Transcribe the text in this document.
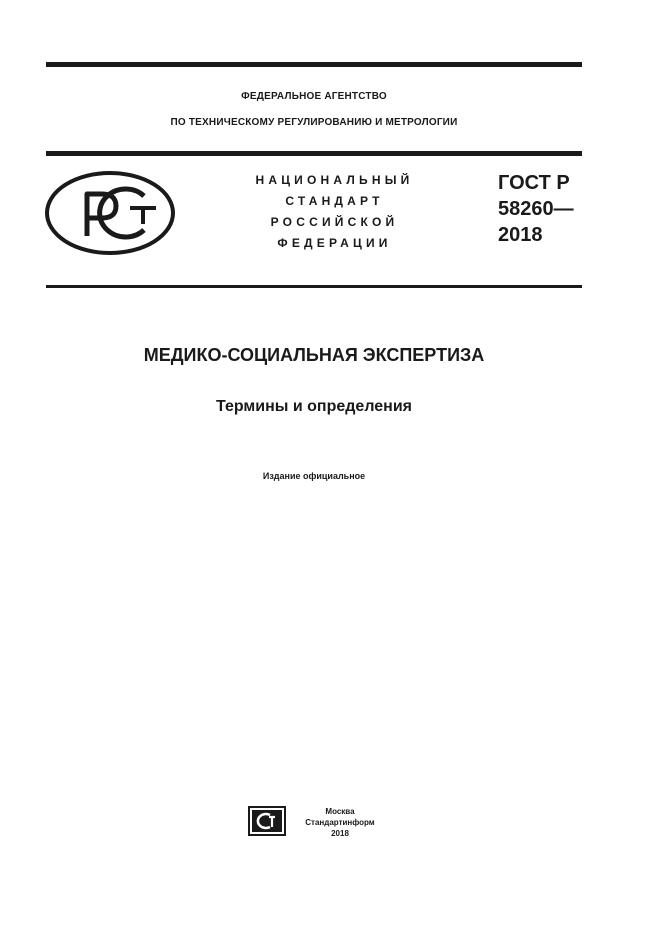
ФЕДЕРАЛЬНОЕ АГЕНТСТВО
ПО ТЕХНИЧЕСКОМУ РЕГУЛИРОВАНИЮ И МЕТРОЛОГИИ
НАЦИОНАЛЬНЫЙ
СТАНДАРТ
РОССИЙСКОЙ
ФЕДЕРАЦИИ
ГОСТ Р
58260—
2018
МЕДИКО-СОЦИАЛЬНАЯ ЭКСПЕРТИЗА
Термины и определения
Издание официальное
Москва
Стандартинформ
2018
